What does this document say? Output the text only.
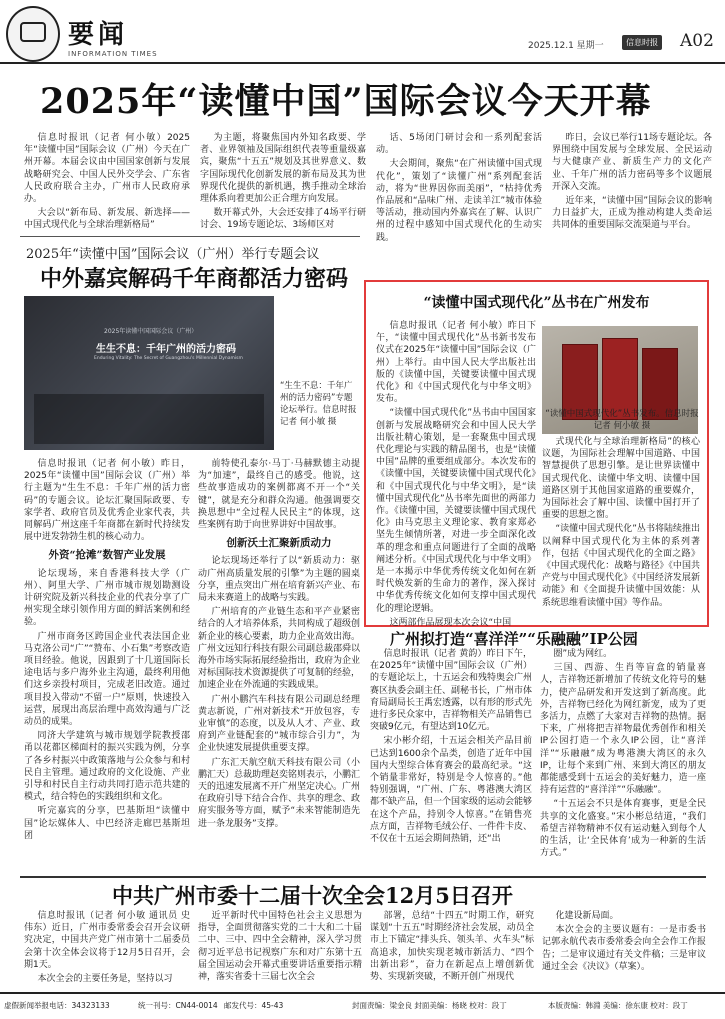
要闻
INFORMATION TIMES
2025.12.1 星期一	信息时报 A02
2025年“读懂中国”国际会议今天开幕

信息时报讯（记者 何小敏）2025年“读懂中国”国际会议（广州）今天在广州开幕。本届会议由中国国家创新与发展战略研究会、中国人民外交学会、广东省人民政府联合主办，广州市人民政府承办。

大会以“新布局、新发展、新选择——中国式现代化与全球治理新格局”

为主题，将聚焦国内外知名政要、学者、业界领袖及国际组织代表等重量级嘉宾，聚焦“十五五”规划及其世界意义、数字国际现代化创新发展的新布局及其为世界现代化提供的新机遇，携手推动全球治理体系向着更加公正合理方向发展。

数开幕式外，大会还安排了4场平行研讨会、19场专题论坛、3场师区对

话、5场闭门研讨会和一系列配套活动。

大会期间，聚焦“在广州读懂中国式现代化”，策划了“读懂广州”系列配套活动，将为“世界因你而美丽”，“枯持优秀作品展和“品味广州、走读羊江”城市体验等活动，推动国内外嘉宾在了解、认识广州的过程中感知中国式现代化的生动实践。

昨日，会议已举行11场专题论坛。各界围绕中国发展与全球发展、全民运动与大健康产业、新质生产力的文化产业、千年广州的活力密码等多个议题展开深入交流。

近年来，“读懂中国”国际会议的影响力日益扩大，正成为推动构建人类命运共同体的重要国际交流渠道与平台。

2025年“读懂中国”国际会议（广州）举行专题会议
中外嘉宾解码千年商都活力密码
2025年读懂中国国际会议（广州）
生生不息：千年广州的活力密码
Enduring Vitality: The Secret of Guangzhou's Millennial Dynamism
“生生不息：千年广州的活力密码”专题论坛举行。信息时报记者 何小敏 摄

信息时报讯（记者 何小敏）昨日，2025年“读懂中国”国际会议（广州）举行主题为“生生不息：千年广州的活力密码”的专题会议。论坛汇聚国际政要、专家学者、政府官员及优秀企业家代表，共同解码广州这座千年商都在新时代持续发展中迸发勃勃生机的核心动力。

外资“抢滩”数智产业发展

论坛现场，来自香港科技大学（广州）、阿里大学、广州市城市规划勘测设计研究院及新兴科技企业的代表分享了广州实现全球引领作用方面的鲜活案例和经验。

广州市商务区跨国企业代表法国企业马克洛公司“广”“赞布、小石集”考察改造项目经验。他说，因跟到了十几道国际长途电话与多户海外业主沟通，最终利用他们这乡亲投村项目，完成老旧改造。通过项目投入带动“不留一户”原则，快速投入运营，展现出高层治理中高效沟通与广泛动员的成果。

同济大学建筑与城市规划学院教授邵甬以花都区梯面村的振兴实践为例，分享了各乡村振兴中政策落地与公众参与和村民自主管理。通过政府的文化设施、产业引导和村民自主行动共同打造示范共建的模式，结合特色的实践组织和文化。

听完嘉宾的分享，巴基斯坦“读懂中国”论坛媒体人、中巴经济走廊巴基斯坦团

前特使孔泰尔·马丁·马赫默德主动提为“加速”，最终自己的感受。他说，这些故事造成功的案例都离不开一个“关键”，就是充分和群众沟通。他强调要交换思想中“全过程人民民主”的体现，这些案例有助于向世界讲好中国故事。

创新沃土汇聚新质动力

论坛现场还举行了以“新质动力：驱动广州高质量发展的引擎”为主题的圆桌分享，重点突出广州在培育新兴产业、布局未来赛道上的战略与实践。

广州培育的产业链生态和平产业紧密结合的人才培养体系，共同构成了超级创新企业的核心要素，助力企业高效出海。广州文远知行科技有限公司副总裁邵舜以海外市场实际拓展经验指出，政府为企业对标国际技术资源提供了可复制的经验，加速企业在外流通的实践成果。

广州小鹏汽车科技有限公司副总经理黄志新说，广州对新技术“开放包容，专业审慎”的态度，以及从人才、产业、政府到产业链配套的“城市综合引力”，为企业快速发展提供重要支撑。

广东汇天航空航天科技有限公司（小鹏汇天）总裁助理赵奕铭则表示，小鹏汇天的迅速发展离不开广州坚定决心。广州在政府引导下结合合作、共享的理念、政府实服务等方面，赋予“未来智能制造先进一条龙服务”支撑。

“读懂中国式现代化”丛书在广州发布

信息时报讯（记者 何小敏）昨日下午，“读懂中国式现代化”丛书新书发布仪式在2025年“读懂中国”国际会议（广州）上举行。由中国人民大学出版社出版的《读懂中国，关键要读懂中国式现代化》和《中国式现代化与中华文明》发布。

“读懂中国式现代化”丛书由中国国家创新与发展战略研究会和中国人民大学出版社精心策划，是一套聚焦中国式现代化理论与实践的精品图书，也是“读懂中国”品牌的重要组成部分。本次发布的《读懂中国，关键要读懂中国式现代化》和《中国式现代化与中华文明》，是“读懂中国式现代化”丛书率先面世的两部力作。《读懂中国，关键要读懂中国式现代化》由马克思主义理论家、教育家郑必坚先生倾情所著，对进一步全面深化改革的理念和重点问题进行了全面的战略阐述分析。《中国式现代化与中华文明》是一本揭示中华优秀传统文化如何在新时代焕发新的生命力的著作，深入探讨中华优秀传统文化如何支撑中国式现代化的理论逻辑。

这两部作品展现本次会议“中国

“读懂中国式现代化”丛书发布。信息时报记者 何小敏 摄

式现代化与全球治理新格局”的核心议题，为国际社会理解中国道路、中国智慧提供了思想引擎。是让世界读懂中国式现代化、读懂中华文明、读懂中国道路区别于其他国家道路的重要媒介，为国际社会了解中国、读懂中国打开了重要的思想之窗。

“读懂中国式现代化”丛书将陆续推出以阐释中国式现代化为主体的系列著作，包括《中国式现代化的全面之路》《中国式现代化：战略与路径》《中国共产党与中国式现代化》《中国经济发展新动能》和《全面提升读懂中国效能：从系统思维看读懂中国》等作品。

广州拟打造“喜洋洋”“乐融融”IP公园

信息时报讯（记者 黄韵）昨日下午，在2025年“读懂中国”国际会议（广州）的专题论坛上，十五运会和残特奥会广州赛区执委会副主任、副秘书长，广州市体育局副局长王禹宏透露，以有形的形式先进行多民众家中，吉祥物相关产品销售已突破9亿元，有望达到10亿元。

宋小彬介绍，十五运会相关产品目前已达到1600余个品类，创造了近年中国国内大型综合体育赛会的最高纪录。“这个销量非常好，特别是令人惊喜的。”他特别强调，“广州、广东、粤港澳大湾区都不缺产品，但一个国家级的运动会能够在这个产品，持别令人惊喜。”在销售亮点方面，吉祥物毛绒公仔、一件件卡皮、不仅在十五运会期间热销，还“出

圈”成为网红。

三国、西游、生肖等盲盒的销量喜人，吉祥物还新增加了传统文化符号的魅力，使产品研发和开发这到了新高度。此外，吉祥物已经化为网红新宠，成为了更多活力，点燃了大家对吉祥物的热情。据下来，广州将把吉祥物最优秀创作和相关IP公园打造一个永久IP公园，让“喜洋洋”“乐融融”成为粤港澳大湾区的永久IP，让每个来到广州、来到大湾区的朋友都能感受到十五运会的美好魅力，造一座持有运营的“喜洋洋”“乐融融”。

“十五运会不只是体育赛事，更是全民共享的文化盛宴。”宋小彬总结道，“我们希望吉祥物精神不仅有运动魅入到每个人的生活，让‘全民体育’成为一种新的生活方式。”

中共广州市委十二届十次全会12月5日召开

信息时报讯（记者 何小敏 通讯员 史伟东）近日，广州市委常委会召开会议研究决定，中国共产党广州市第十二届委员会第十次全体会议将于12月5日召开，会期1天。

本次全会的主要任务是，坚持以习

近平新时代中国特色社会主义思想为指导，全面贯彻落实党的二十大和二十届二中、三中、四中全会精神，深入学习贯彻习近平总书记视察广东和对广东第十五届全国运动会开幕式重要讲话重要指示精神，落实省委十三届七次全会

部署，总结“十四五”时期工作，研究谋划“十五五”时期经济社会发展，动员全市上下锚定“排头兵、领头羊、火车头”标高追求，加快实现老城市新活力、“四个出新出彩”，奋力在新起点上增创新优势、实现新突破，不断开创广州现代

化建设新局面。

本次全会的主要议题有：一是市委书记郭永航代表市委常委会向全会作工作报告；二是审议通过有关文件稿；三是审议通过全会《决议》（草案）。

虚假新闻举报电话：34323133	统一刊号：CN44-0014 邮发代号：45-43	封面责编：梁金良 封面美编：杨晓 校对：段丁	本版责编：韩淵 美编：徐东康 校对：段丁
